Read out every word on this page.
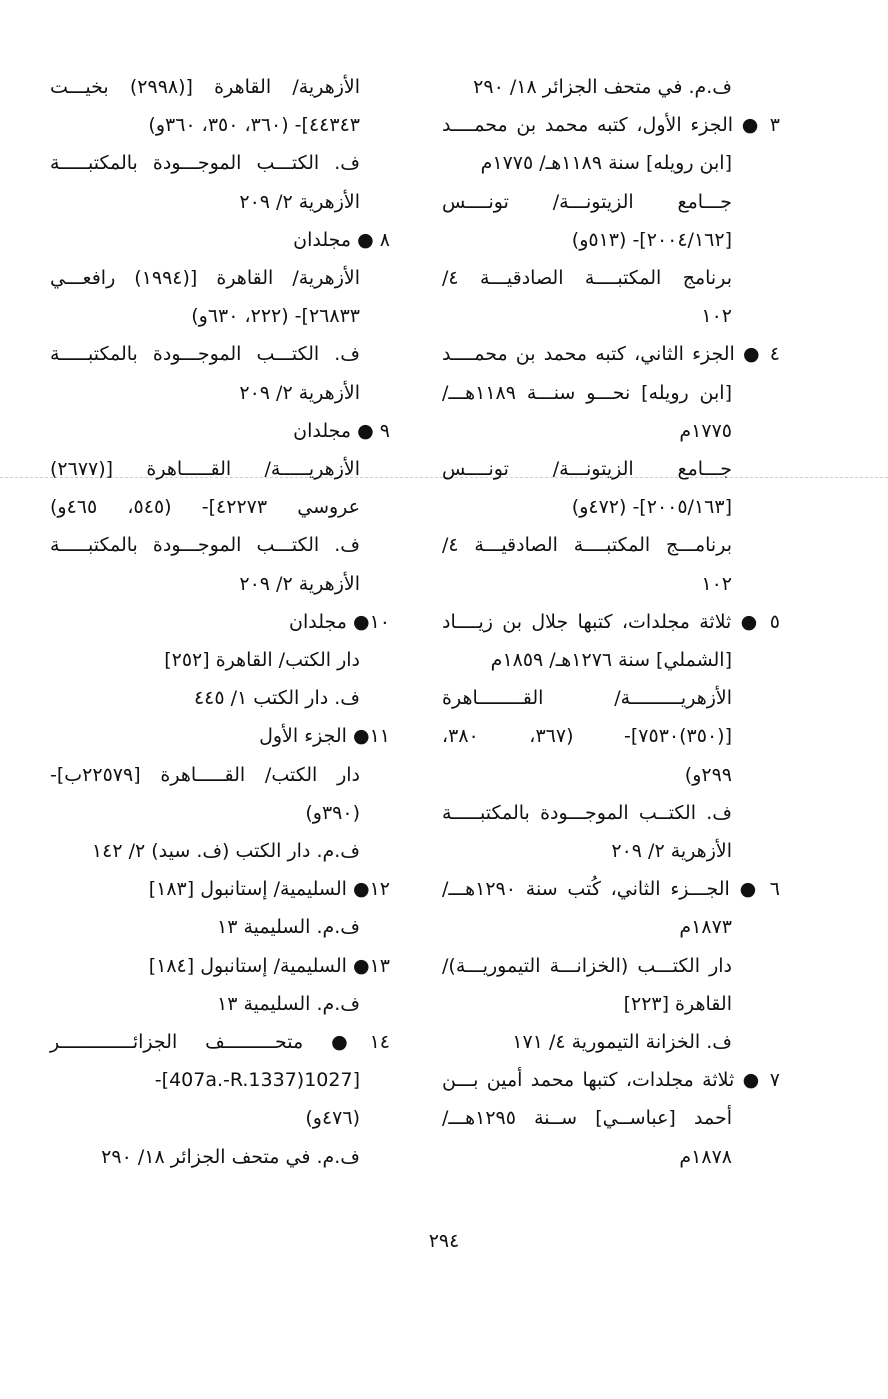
ف.م. في متحف الجزائر ١٨/ ٢٩٠

٣ ● الجزء الأول، كتبه محمد بن محمــــد

[ابن رويله] سنة ١١٨٩هـ/ ١٧٧٥م

جـــامع الزيتونـــة/ تونــــس

[٢٠٠٤/١٦٢]- (٥١٣و)

برنامج المكتبــــة الصادقيـــة ٤/

١٠٢

٤ ● الجزء الثاني، كتبه محمد بن محمــــد

[ابن رويله] نحـــو سنـــة ١١٨٩هـــ/

١٧٧٥م

جـــامع الزيتونـــة/ تونــــس

[٢٠٠٥/١٦٣]- (٤٧٢و)

برنامـــج المكتبــــة الصادقيـــة ٤/

١٠٢

٥ ● ثلاثة مجلدات، كتبها جلال بن زيــــاد

[الشملي] سنة ١٢٧٦هـ/ ١٨٥٩م

الأزهريـــــــــة/ القــــــــاهرة

[(٣٥٠)٧٥٣٠]- (٣٦٧، ٣٨٠،

٢٩٩و)

ف. الكتــب الموجـــودة بالمكتبـــــة

الأزهرية ٢/ ٢٠٩

٦ ● الجـــزء الثاني، كُتب سنة ١٢٩٠هـــ/

١٨٧٣م

دار الكتـــب (الخزانـــة التيموريـــة)/

القاهرة [٢٢٣]

ف. الخزانة التيمورية ٤/ ١٧١

٧ ● ثلاثة مجلدات، كتبها محمد أمين بـــن

أحمد [عباســي] ســنة ١٢٩٥هـــ/

١٨٧٨م

الأزهرية/ القاهرة [(٢٩٩٨) بخيـــت

٤٤٣٤٣]- (٣٦٠، ٣٥٠، ٣٦٠و)

ف. الكتـــب الموجـــودة بالمكتبـــــة

الأزهرية ٢/ ٢٠٩

٨ ● مجلدان

الأزهرية/ القاهرة [(١٩٩٤) رافعـــي

٢٦٨٣٣]- (٢٢٢، ٦٣٠و)

ف. الكتـــب الموجـــودة بالمكتبـــــة

الأزهرية ٢/ ٢٠٩

٩ ● مجلدان

الأزهريـــــة/ القـــــاهرة [(٢٦٧٧)

عروسي ٤٢٢٧٣]- (٥٤٥، ٤٦٥و)

ف. الكتـــب الموجـــودة بالمكتبـــــة

الأزهرية ٢/ ٢٠٩

١٠● مجلدان

دار الكتب/ القاهرة [٢٥٢]

ف. دار الكتب ١/ ٤٤٥

١١● الجزء الأول

دار الكتب/ القـــــاهرة [٢٢٥٧٩ب]-

(٣٩٠و)

ف.م. دار الكتب (ف. سيد) ٢/ ١٤٢

١٢● السليمية/ إستانبول [١٨٣]

ف.م. السليمية ١٣

١٣● السليمية/ إستانبول [١٨٤]

ف.م. السليمية ١٣

١٤● متحـــــــــف الجزائـــــــــــــر

[1027(407a.-R.1337]-

(٤٧٦و)

ف.م. في متحف الجزائر ١٨/ ٢٩٠

٢٩٤
